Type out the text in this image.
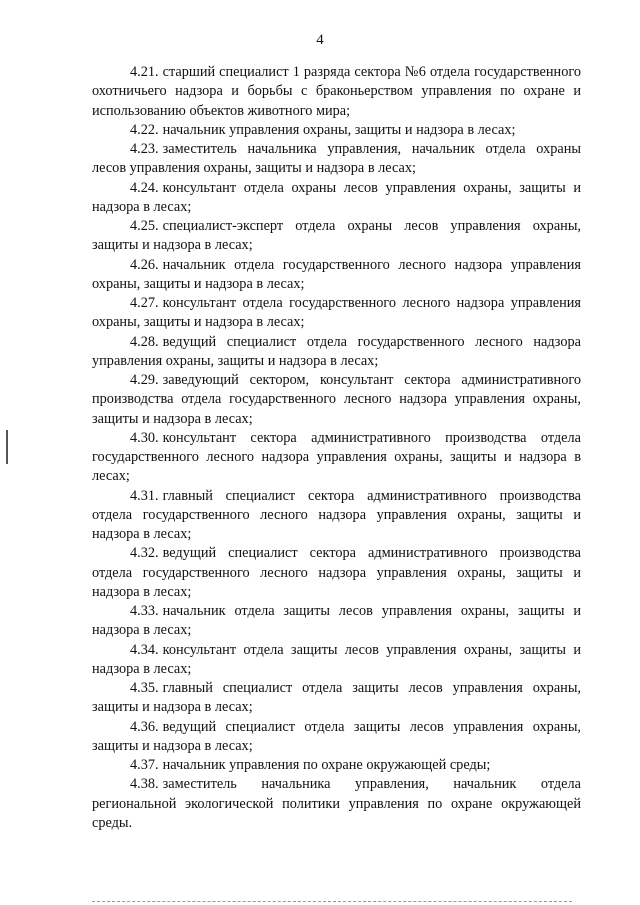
4

4.21. старший специалист 1 разряда сектора №6 отдела государственного охотничьего надзора и борьбы с браконьерством управления по охране и использованию объектов животного мира;

4.22. начальник управления охраны, защиты и надзора в лесах;

4.23. заместитель начальника управления, начальник отдела охраны лесов управления охраны, защиты и надзора в лесах;

4.24. консультант отдела охраны лесов управления охраны, защиты и надзора в лесах;

4.25. специалист-эксперт отдела охраны лесов управления охраны, защиты и надзора в лесах;

4.26. начальник отдела государственного лесного надзора управления охраны, защиты и надзора в лесах;

4.27. консультант отдела государственного лесного надзора управления охраны, защиты и надзора в лесах;

4.28. ведущий специалист отдела государственного лесного надзора управления охраны, защиты и надзора в лесах;

4.29. заведующий сектором, консультант сектора административного производства отдела государственного лесного надзора управления охраны, защиты и надзора в лесах;

4.30. консультант сектора административного производства отдела государственного лесного надзора управления охраны, защиты и надзора в лесах;

4.31. главный специалист сектора административного производства отдела государственного лесного надзора управления охраны, защиты и надзора в лесах;

4.32. ведущий специалист сектора административного производства отдела государственного лесного надзора управления охраны, защиты и надзора в лесах;

4.33. начальник отдела защиты лесов управления охраны, защиты и надзора в лесах;

4.34. консультант отдела защиты лесов управления охраны, защиты и надзора в лесах;

4.35. главный специалист отдела защиты лесов управления охраны, защиты и надзора в лесах;

4.36. ведущий специалист отдела защиты лесов управления охраны, защиты и надзора в лесах;

4.37. начальник управления по охране окружающей среды;

4.38. заместитель начальника управления, начальник отдела региональной экологической политики управления по охране окружающей среды.
